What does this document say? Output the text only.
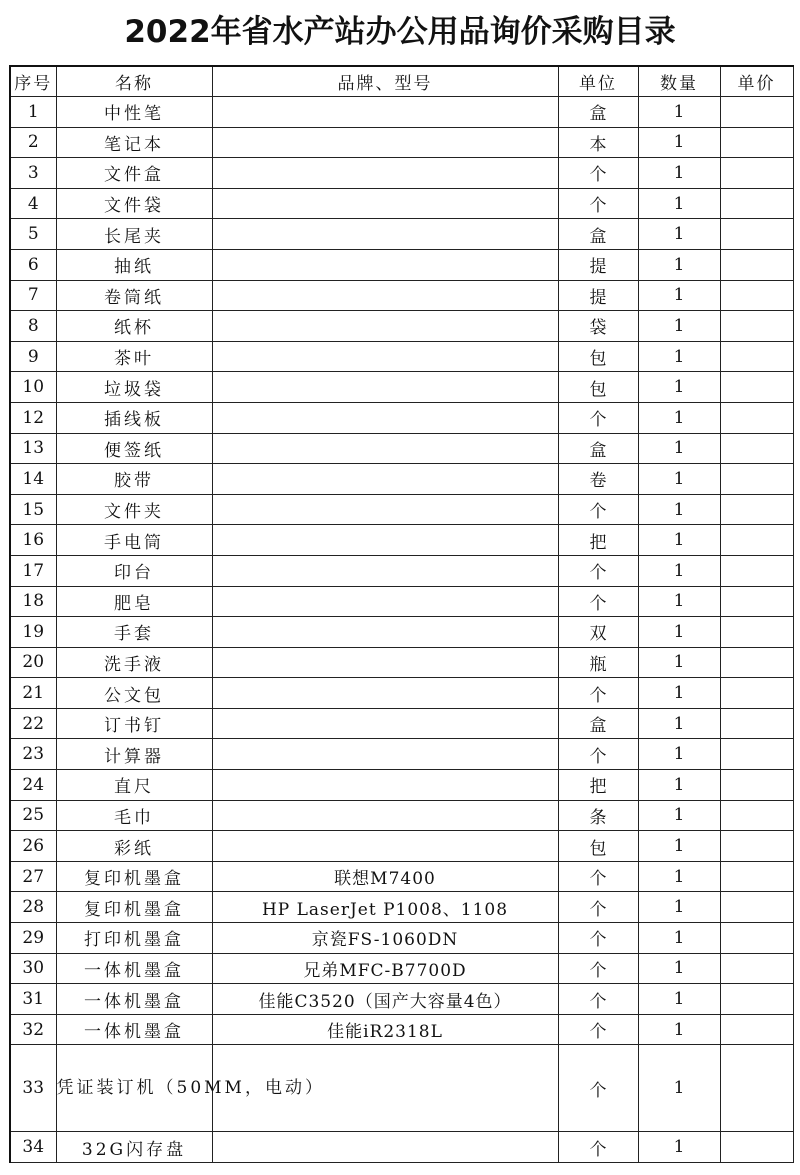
2022年省水产站办公用品询价采购目录
序号	名称	品牌、型号	单位	数量	单价
1	中性笔		盒	1	
2	笔记本		本	1	
3	文件盒		个	1	
4	文件袋		个	1	
5	长尾夹		盒	1	
6	抽纸		提	1	
7	卷筒纸		提	1	
8	纸杯		袋	1	
9	茶叶		包	1	
10	垃圾袋		包	1	
12	插线板		个	1	
13	便签纸		盒	1	
14	胶带		卷	1	
15	文件夹		个	1	
16	手电筒		把	1	
17	印台		个	1	
18	肥皂		个	1	
19	手套		双	1	
20	洗手液		瓶	1	
21	公文包		个	1	
22	订书钉		盒	1	
23	计算器		个	1	
24	直尺		把	1	
25	毛巾		条	1	
26	彩纸		包	1	
27	复印机墨盒	联想M7400	个	1	
28	复印机墨盒	HP LaserJet P1008、1108	个	1	
29	打印机墨盒	京瓷FS-1060DN	个	1	
30	一体机墨盒	兄弟MFC-B7700D	个	1	
31	一体机墨盒	佳能C3520（国产大容量4色）	个	1	
32	一体机墨盒	佳能iR2318L	个	1	
33	凭证装订机（50MM，电动）		个	1	
34	32G闪存盘		个	1	
